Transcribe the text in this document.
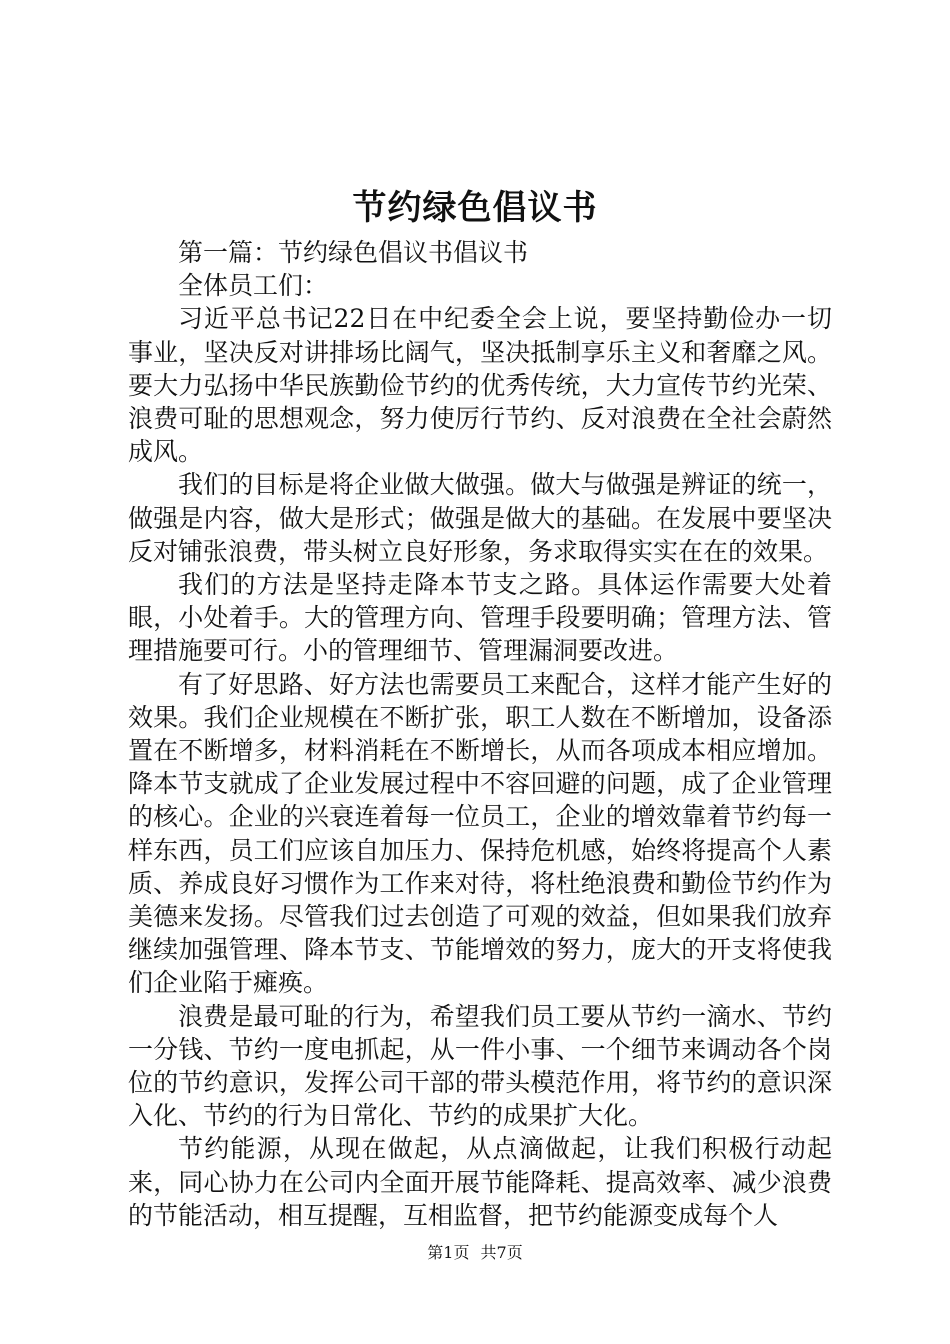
节约绿色倡议书

第一篇：节约绿色倡议书倡议书

全体员工们：

习近平总书记22日在中纪委全会上说，要坚持勤俭办一切事业，坚决反对讲排场比阔气，坚决抵制享乐主义和奢靡之风。要大力弘扬中华民族勤俭节约的优秀传统，大力宣传节约光荣、浪费可耻的思想观念，努力使厉行节约、反对浪费在全社会蔚然成风。

我们的目标是将企业做大做强。做大与做强是辨证的统一，做强是内容，做大是形式；做强是做大的基础。在发展中要坚决反对铺张浪费，带头树立良好形象，务求取得实实在在的效果。

我们的方法是坚持走降本节支之路。具体运作需要大处着眼，小处着手。大的管理方向、管理手段要明确；管理方法、管理措施要可行。小的管理细节、管理漏洞要改进。

有了好思路、好方法也需要员工来配合，这样才能产生好的效果。我们企业规模在不断扩张，职工人数在不断增加，设备添置在不断增多，材料消耗在不断增长，从而各项成本相应增加。降本节支就成了企业发展过程中不容回避的问题，成了企业管理的核心。企业的兴衰连着每一位员工，企业的增效靠着节约每一样东西，员工们应该自加压力、保持危机感，始终将提高个人素质、养成良好习惯作为工作来对待，将杜绝浪费和勤俭节约作为美德来发扬。尽管我们过去创造了可观的效益，但如果我们放弃继续加强管理、降本节支、节能增效的努力，庞大的开支将使我们企业陷于瘫痪。

浪费是最可耻的行为，希望我们员工要从节约一滴水、节约一分钱、节约一度电抓起，从一件小事、一个细节来调动各个岗位的节约意识，发挥公司干部的带头模范作用，将节约的意识深入化、节约的行为日常化、节约的成果扩大化。

节约能源，从现在做起，从点滴做起，让我们积极行动起来，同心协力在公司内全面开展节能降耗、提高效率、减少浪费的节能活动，相互提醒，互相监督，把节约能源变成每个人

第1页 共7页
